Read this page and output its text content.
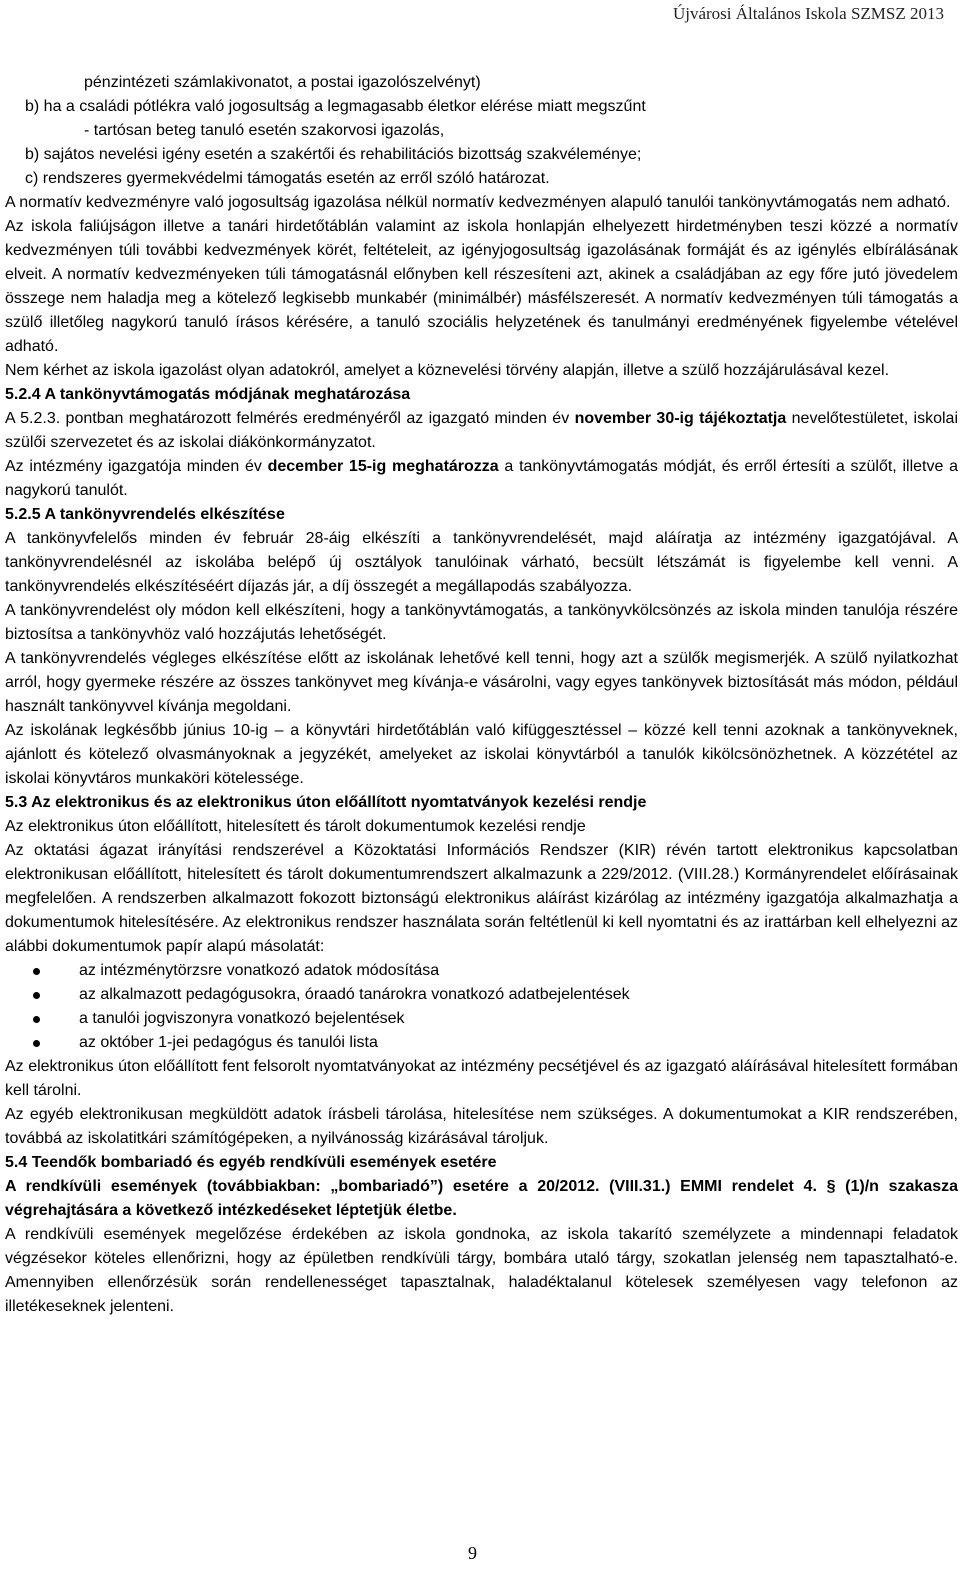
Újvárosi Általános Iskola SZMSZ 2013

pénzintézeti számlakivonatot, a postai igazolószelvényt)

b) ha a családi pótlékra való jogosultság a legmagasabb életkor elérése miatt megszűnt

- tartósan beteg tanuló esetén szakorvosi igazolás,

b) sajátos nevelési igény esetén a szakértői és rehabilitációs bizottság szakvéleménye;

c) rendszeres gyermekvédelmi támogatás esetén az erről szóló határozat.

A normatív kedvezményre való jogosultság igazolása nélkül normatív kedvezményen alapuló tanulói tankönyvtámogatás nem adható.

Az iskola faliújságon illetve a tanári hirdetőtáblán valamint az iskola honlapján elhelyezett hirdetményben teszi közzé a normatív kedvezményen túli további kedvezmények körét, feltételeit, az igényjogosultság igazolásának formáját és az igénylés elbírálásának elveit. A normatív kedvezményeken túli támogatásnál előnyben kell részesíteni azt, akinek a családjában az egy főre jutó jövedelem összege nem haladja meg a kötelező legkisebb munkabér (minimálbér) másfélszeresét. A normatív kedvezményen túli támogatás a szülő illetőleg nagykorú tanuló írásos kérésére, a tanuló szociális helyzetének és tanulmányi eredményének figyelembe vételével adható.

Nem kérhet az iskola igazolást olyan adatokról, amelyet a köznevelési törvény alapján, illetve a szülő hozzájárulásával kezel.

5.2.4 A tankönyvtámogatás módjának meghatározása

A 5.2.3. pontban meghatározott felmérés eredményéről az igazgató minden év november 30-ig tájékoztatja nevelőtestületet, iskolai szülői szervezetet és az iskolai diákönkormányzatot.

Az intézmény igazgatója minden év december 15-ig meghatározza a tankönyvtámogatás módját, és erről értesíti a szülőt, illetve a nagykorú tanulót.

5.2.5 A tankönyvrendelés elkészítése

A tankönyvfelelős minden év február 28-áig elkészíti a tankönyvrendelését, majd aláíratja az intézmény igazgatójával. A tankönyvrendelésnél az iskolába belépő új osztályok tanulóinak várható, becsült létszámát is figyelembe kell venni. A tankönyvrendelés elkészítéséért díjazás jár, a díj összegét a megállapodás szabályozza.

A tankönyvrendelést oly módon kell elkészíteni, hogy a tankönyvtámogatás, a tankönyvkölcsönzés az iskola minden tanulója részére biztosítsa a tankönyvhöz való hozzájutás lehetőségét.

A tankönyvrendelés végleges elkészítése előtt az iskolának lehetővé kell tenni, hogy azt a szülők megismerjék. A szülő nyilatkozhat arról, hogy gyermeke részére az összes tankönyvet meg kívánja-e vásárolni, vagy egyes tankönyvek biztosítását más módon, például használt tankönyvvel kívánja megoldani.

Az iskolának legkésőbb június 10-ig – a könyvtári hirdetőtáblán való kifüggesztéssel – közzé kell tenni azoknak a tankönyveknek, ajánlott és kötelező olvasmányoknak a jegyzékét, amelyeket az iskolai könyvtárból a tanulók kikölcsönözhetnek. A közzététel az iskolai könyvtáros munkaköri kötelessége.

5.3 Az elektronikus és az elektronikus úton előállított nyomtatványok kezelési rendje

Az elektronikus úton előállított, hitelesített és tárolt dokumentumok kezelési rendje

Az oktatási ágazat irányítási rendszerével a Közoktatási Információs Rendszer (KIR) révén tartott elektronikus kapcsolatban elektronikusan előállított, hitelesített és tárolt dokumentumrendszert alkalmazunk a 229/2012. (VIII.28.) Kormányrendelet előírásainak megfelelően. A rendszerben alkalmazott fokozott biztonságú elektronikus aláírást kizárólag az intézmény igazgatója alkalmazhatja a dokumentumok hitelesítésére. Az elektronikus rendszer használata során feltétlenül ki kell nyomtatni és az irattárban kell elhelyezni az alábbi dokumentumok papír alapú másolatát:

az intézménytörzsre vonatkozó adatok módosítása
az alkalmazott pedagógusokra, óraadó tanárokra vonatkozó adatbejelentések
a tanulói jogviszonyra vonatkozó bejelentések
az október 1-jei pedagógus és tanulói lista

Az elektronikus úton előállított fent felsorolt nyomtatványokat az intézmény pecsétjével és az igazgató aláírásával hitelesített formában kell tárolni.

Az egyéb elektronikusan megküldött adatok írásbeli tárolása, hitelesítése nem szükséges. A dokumentumokat a KIR rendszerében, továbbá az iskolatitkári számítógépeken, a nyilvánosság kizárásával tároljuk.

5.4 Teendők bombariadó és egyéb rendkívüli események esetére

A rendkívüli események (továbbiakban: „bombariadó”) esetére a 20/2012. (VIII.31.) EMMI rendelet 4. § (1)/n szakasza végrehajtására a következő intézkedéseket léptetjük életbe.

A rendkívüli események megelőzése érdekében az iskola gondnoka, az iskola takarító személyzete a mindennapi feladatok végzésekor köteles ellenőrizni, hogy az épületben rendkívüli tárgy, bombára utaló tárgy, szokatlan jelenség nem tapasztalható-e. Amennyiben ellenőrzésük során rendellenességet tapasztalnak, haladéktalanul kötelesek személyesen vagy telefonon az illetékeseknek jelenteni.

9
